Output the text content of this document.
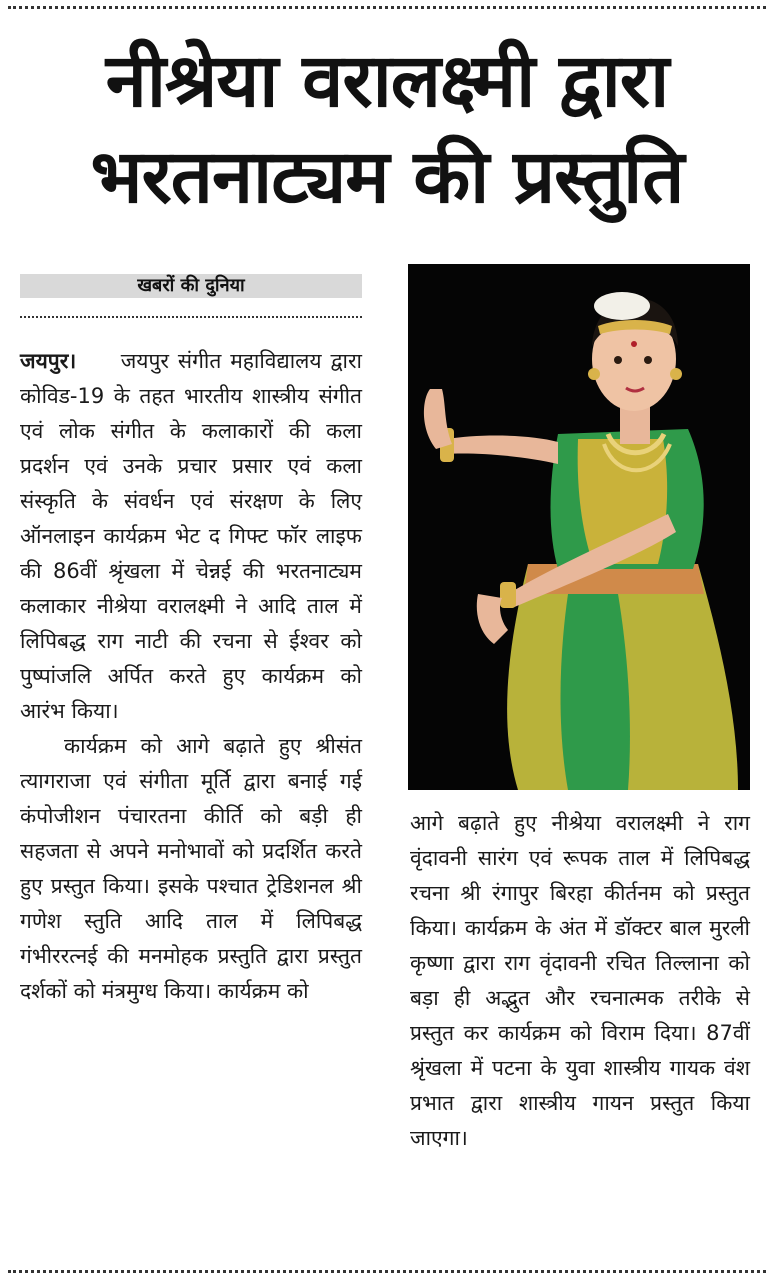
नीश्रेया वरालक्ष्मी द्वारा
भरतनाट्यम की प्रस्तुति
खबरों की दुनिया

जयपुर। जयपुर संगीत महाविद्यालय द्वारा कोविड-19 के तहत भारतीय शास्त्रीय संगीत एवं लोक संगीत के कलाकारों की कला प्रदर्शन एवं उनके प्रचार प्रसार एवं कला संस्कृति के संवर्धन एवं संरक्षण के लिए ऑनलाइन कार्यक्रम भेट द गिफ्ट फॉर लाइफ की 86वीं श्रृंखला में चेन्नई की भरतनाट्यम कलाकार नीश्रेया वरालक्ष्मी ने आदि ताल में लिपिबद्ध राग नाटी की रचना से ईश्वर को पुष्पांजलि अर्पित करते हुए कार्यक्रम को आरंभ किया।

कार्यक्रम को आगे बढ़ाते हुए श्रीसंत त्यागराजा एवं संगीता मूर्ति द्वारा बनाई गई कंपोजीशन पंचारतना कीर्ति को बड़ी ही सहजता से अपने मनोभावों को प्रदर्शित करते हुए प्रस्तुत किया। इसके पश्चात ट्रेडिशनल श्री गणेश स्तुति आदि ताल में लिपिबद्ध गंभीररत्नई की मनमोहक प्रस्तुति द्वारा प्रस्तुत दर्शकों को मंत्रमुग्ध किया। कार्यक्रम को

आगे बढ़ाते हुए नीश्रेया वरालक्ष्मी ने राग वृंदावनी सारंग एवं रूपक ताल में लिपिबद्ध रचना श्री रंगापुर बिरहा कीर्तनम को प्रस्तुत किया। कार्यक्रम के अंत में डॉक्टर बाल मुरली कृष्णा द्वारा राग वृंदावनी रचित तिल्लाना को बड़ा ही अद्भुत और रचनात्मक तरीके से प्रस्तुत कर कार्यक्रम को विराम दिया। 87वीं श्रृंखला में पटना के युवा शास्त्रीय गायक वंश प्रभात द्वारा शास्त्रीय गायन प्रस्तुत किया जाएगा।
